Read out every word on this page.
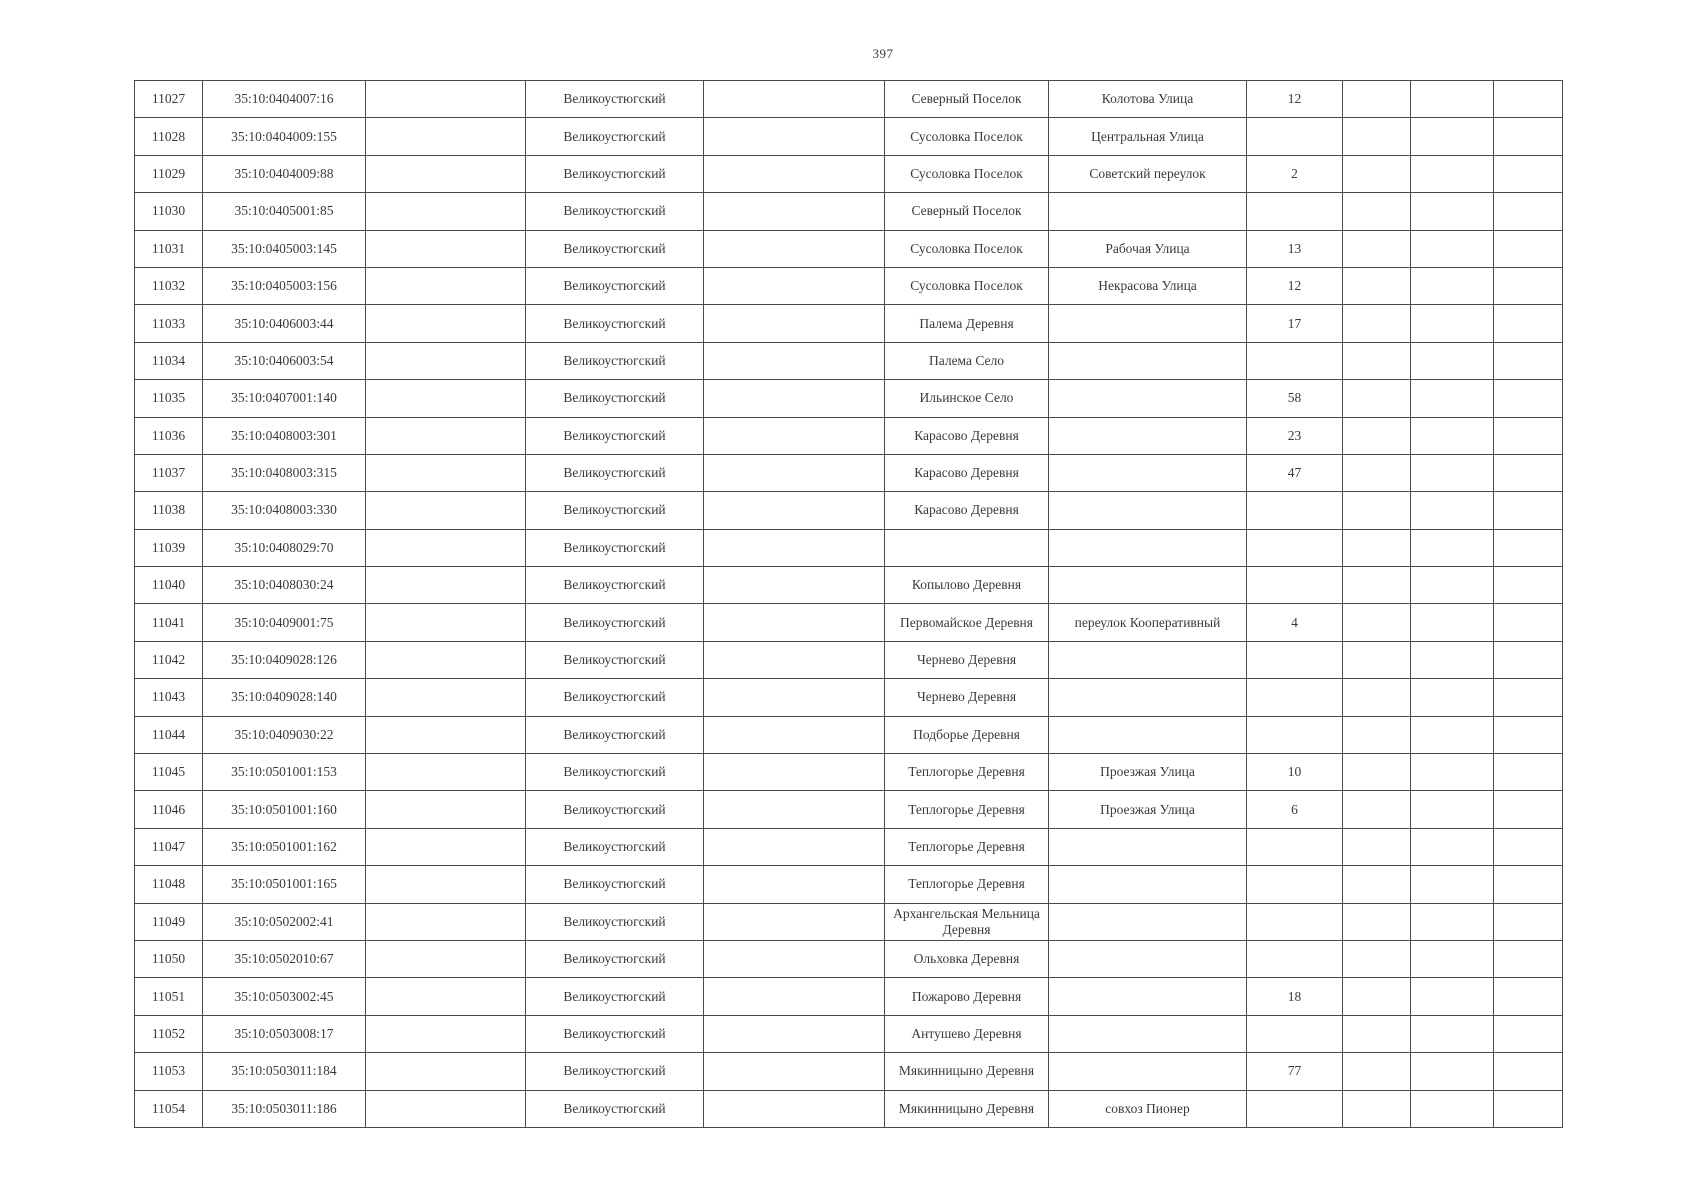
397
11027	35:10:0404007:16		Великоустюгский		Северный Поселок	Колотова Улица	12			
11028	35:10:0404009:155		Великоустюгский		Сусоловка Поселок	Центральная Улица				
11029	35:10:0404009:88		Великоустюгский		Сусоловка Поселок	Советский переулок	2			
11030	35:10:0405001:85		Великоустюгский		Северный Поселок					
11031	35:10:0405003:145		Великоустюгский		Сусоловка Поселок	Рабочая Улица	13			
11032	35:10:0405003:156		Великоустюгский		Сусоловка Поселок	Некрасова Улица	12			
11033	35:10:0406003:44		Великоустюгский		Палема Деревня		17			
11034	35:10:0406003:54		Великоустюгский		Палема Село					
11035	35:10:0407001:140		Великоустюгский		Ильинское Село		58			
11036	35:10:0408003:301		Великоустюгский		Карасово Деревня		23			
11037	35:10:0408003:315		Великоустюгский		Карасово Деревня		47			
11038	35:10:0408003:330		Великоустюгский		Карасово Деревня					
11039	35:10:0408029:70		Великоустюгский							
11040	35:10:0408030:24		Великоустюгский		Копылово Деревня					
11041	35:10:0409001:75		Великоустюгский		Первомайское Деревня	переулок Кооперативный	4			
11042	35:10:0409028:126		Великоустюгский		Чернево Деревня					
11043	35:10:0409028:140		Великоустюгский		Чернево Деревня					
11044	35:10:0409030:22		Великоустюгский		Подборье Деревня					
11045	35:10:0501001:153		Великоустюгский		Теплогорье Деревня	Проезжая Улица	10			
11046	35:10:0501001:160		Великоустюгский		Теплогорье Деревня	Проезжая Улица	6			
11047	35:10:0501001:162		Великоустюгский		Теплогорье Деревня					
11048	35:10:0501001:165		Великоустюгский		Теплогорье Деревня					
11049	35:10:0502002:41		Великоустюгский		Архангельская Мельница Деревня					
11050	35:10:0502010:67		Великоустюгский		Ольховка Деревня					
11051	35:10:0503002:45		Великоустюгский		Пожарово Деревня		18			
11052	35:10:0503008:17		Великоустюгский		Антушево Деревня					
11053	35:10:0503011:184		Великоустюгский		Мякинницыно Деревня		77			
11054	35:10:0503011:186		Великоустюгский		Мякинницыно Деревня	совхоз Пионер				
